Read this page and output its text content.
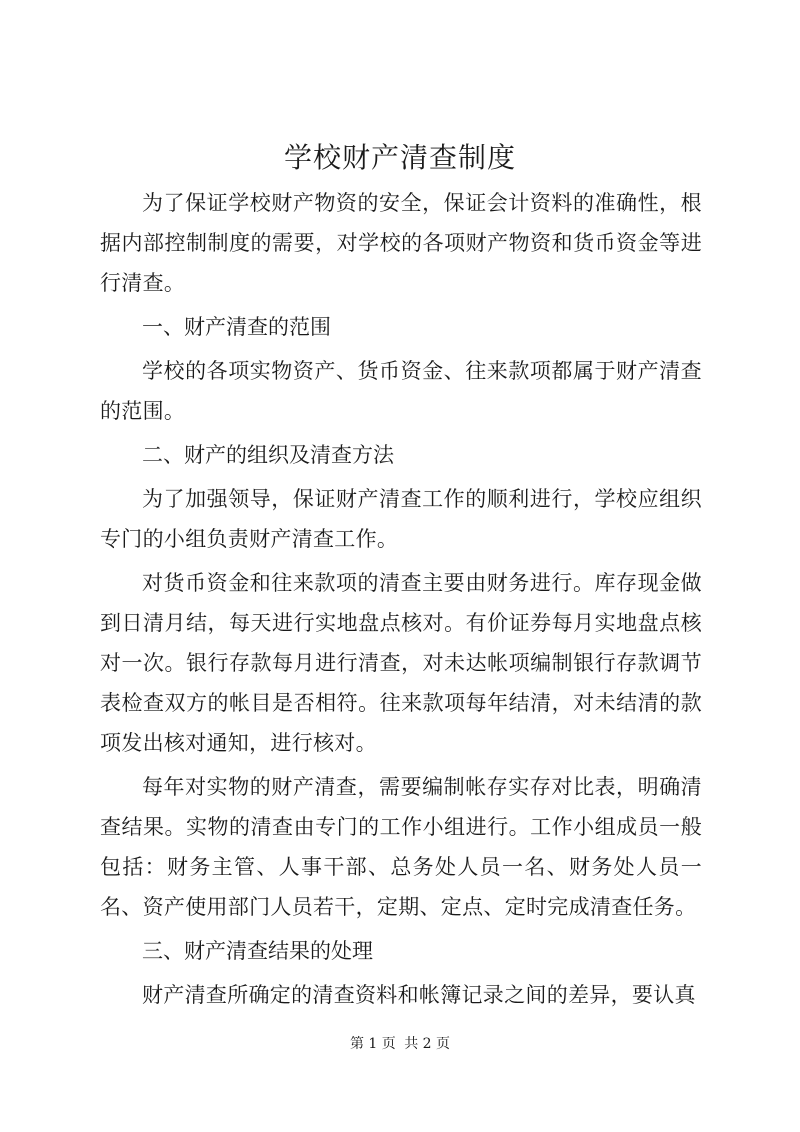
学校财产清查制度

为了保证学校财产物资的安全，保证会计资料的准确性，根据内部控制制度的需要，对学校的各项财产物资和货币资金等进行清查。

一、财产清查的范围

学校的各项实物资产、货币资金、往来款项都属于财产清查的范围。

二、财产的组织及清查方法

为了加强领导，保证财产清查工作的顺利进行，学校应组织专门的小组负责财产清查工作。

对货币资金和往来款项的清查主要由财务进行。库存现金做到日清月结，每天进行实地盘点核对。有价证券每月实地盘点核对一次。银行存款每月进行清查，对未达帐项编制银行存款调节表检查双方的帐目是否相符。往来款项每年结清，对未结清的款项发出核对通知，进行核对。

每年对实物的财产清查，需要编制帐存实存对比表，明确清查结果。实物的清查由专门的工作小组进行。工作小组成员一般包括：财务主管、人事干部、总务处人员一名、财务处人员一名、资产使用部门人员若干，定期、定点、定时完成清查任务。

三、财产清查结果的处理

财产清查所确定的清查资料和帐簿记录之间的差异，要认真

第 1 页 共 2 页
